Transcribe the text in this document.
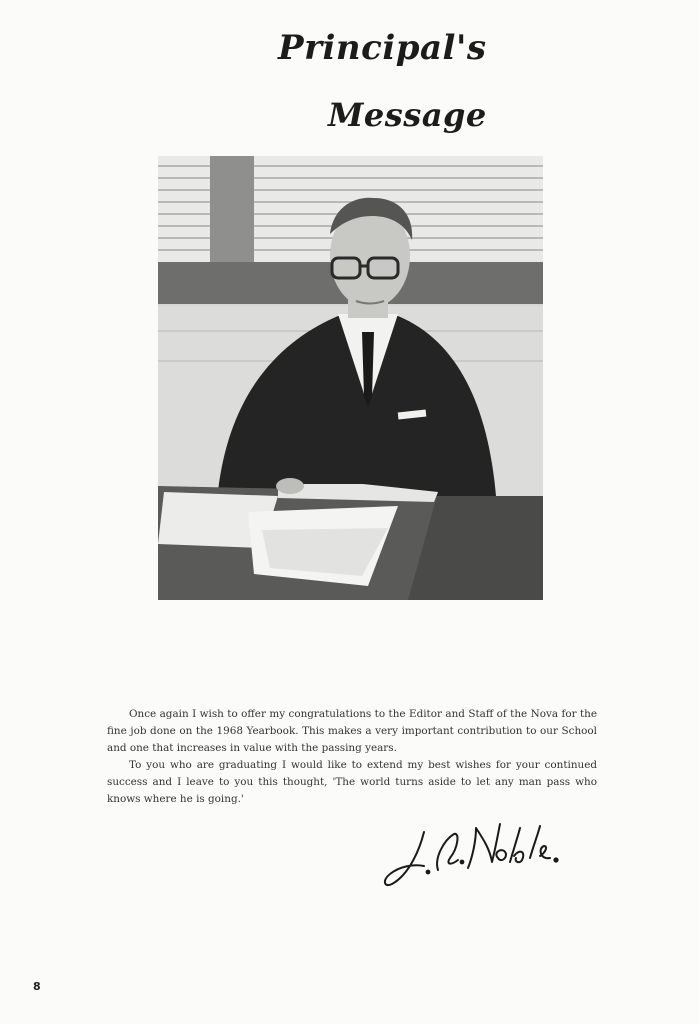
Principal's
Message

Once again I wish to offer my congratulations to the Editor and Staff of the Nova for the fine job done on the 1968 Yearbook. This makes a very important contribution to our School and one that increases in value with the passing years.

To you who are graduating I would like to extend my best wishes for your continued success and I leave to you this thought, 'The world turns aside to let any man pass who knows where he is going.'

8
